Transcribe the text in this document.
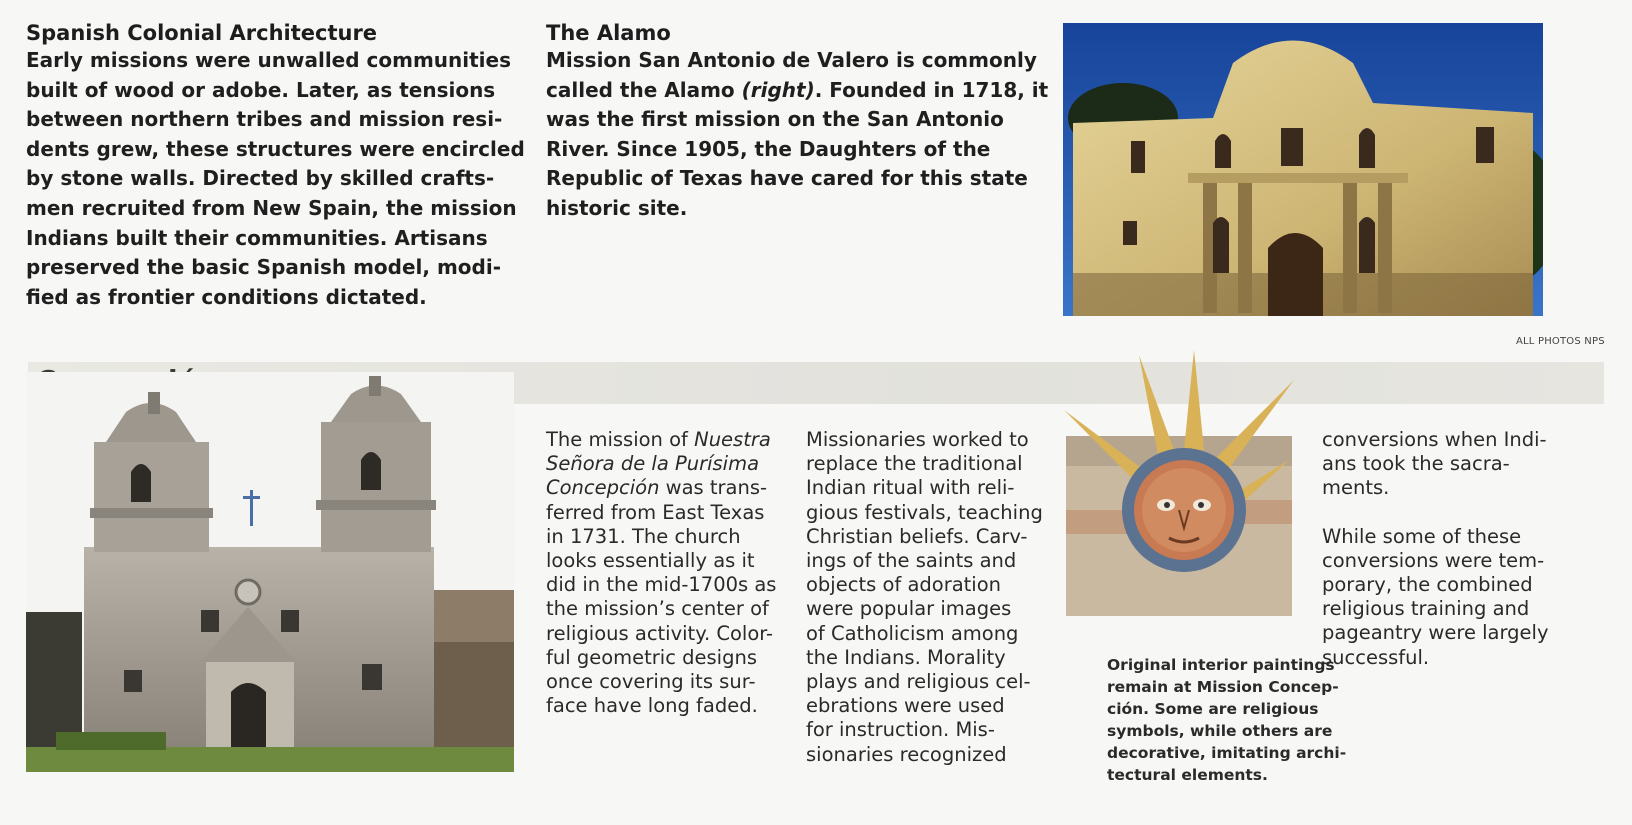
Spanish Colonial Architecture
Early missions were unwalled communities
built of wood or adobe. Later, as tensions
between northern tribes and mission resi-
dents grew, these structures were encircled
by stone walls. Directed by skilled crafts-
men recruited from New Spain, the mission
Indians built their communities. Artisans
preserved the basic Spanish model, modi-
fied as frontier conditions dictated.
The Alamo
Mission San Antonio de Valero is commonly
called the Alamo (right). Founded in 1718, it
was the first mission on the San Antonio
River. Since 1905, the Daughters of the
Republic of Texas have cared for this state
historic site.
ALL PHOTOS NPS
The mission of Nuestra
Señora de la Purísima
Concepción was trans-
ferred from East Texas
in 1731. The church
looks essentially as it
did in the mid-1700s as
the mission’s center of
religious activity. Color-
ful geometric designs
once covering its sur-
face have long faded.
Missionaries worked to
replace the traditional
Indian ritual with reli-
gious festivals, teaching
Christian beliefs. Carv-
ings of the saints and
objects of adoration
were popular images
of Catholicism among
the Indians. Morality
plays and religious cel-
ebrations were used
for instruction. Mis-
sionaries recognized
Original interior paintings
remain at Mission Concep-
ción. Some are religious
symbols, while others are
decorative, imitating archi-
tectural elements.
conversions when Indi-
ans took the sacra-
ments.
While some of these
conversions were tem-
porary, the combined
religious training and
pageantry were largely
successful.
